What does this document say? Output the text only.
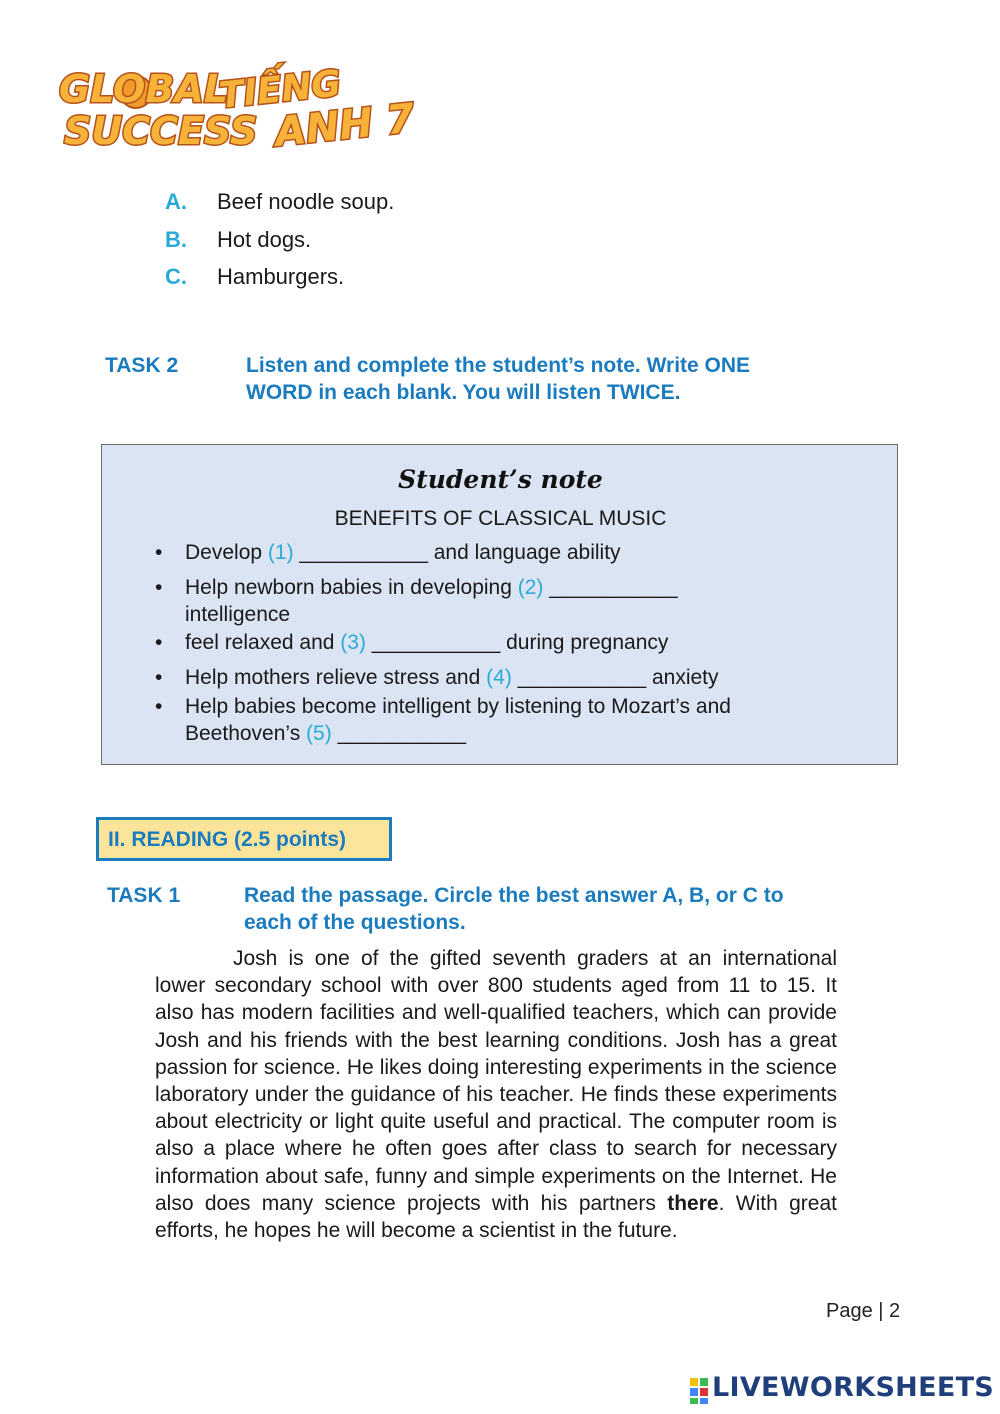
GLOBAL
SUCCESS
TIẾNG
ANH 7
A. Beef noodle soup.
B. Hot dogs.
C. Hamburgers.
TASK 2	Listen and complete the student’s note. Write ONE
WORD in each blank. You will listen TWICE.
Student’s note
BENEFITS OF CLASSICAL MUSIC
• Develop (1) ___________ and language ability
• Help newborn babies in developing (2) ___________
intelligence
• feel relaxed and (3) ___________ during pregnancy
• Help mothers relieve stress and (4) ___________ anxiety
• Help babies become intelligent by listening to Mozart’s and
Beethoven’s (5) ___________
II. READING (2.5 points)
TASK 1	Read the passage. Circle the best answer A, B, or C to
each of the questions.

Josh is one of the gifted seventh graders at an international lower secondary school with over 800 students aged from 11 to 15. It also has modern facilities and well-qualified teachers, which can provide Josh and his friends with the best learning conditions. Josh has a great passion for science. He likes doing interesting experiments in the science laboratory under the guidance of his teacher. He finds these experiments about electricity or light quite useful and practical. The computer room is also a place where he often goes after class to search for necessary information about safe, funny and simple experiments on the Internet. He also does many science projects with his partners there. With great efforts, he hopes he will become a scientist in the future.

Page | 2
LIVEWORKSHEETS
